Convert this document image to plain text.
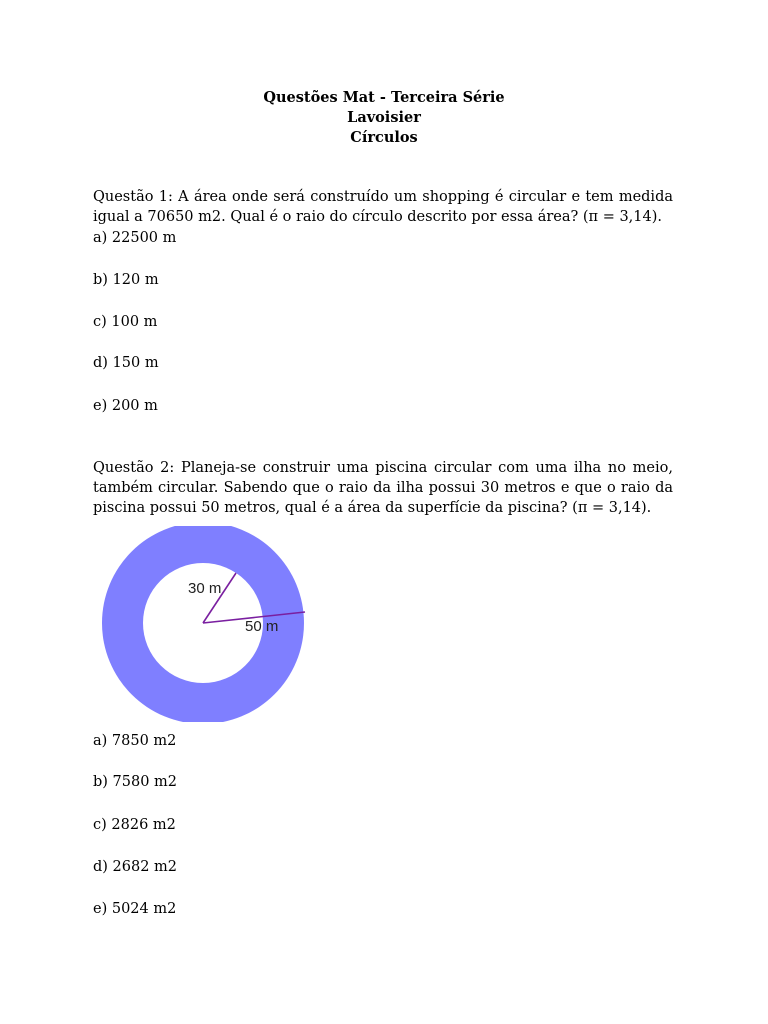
Questões Mat - Terceira Série
Lavoisier
Círculos
Questão 1: A área onde será construído um shopping é circular e tem medida igual a 70650 m2. Qual é o raio do círculo descrito por essa área? (π = 3,14).
a) 22500 m
b) 120 m
c) 100 m
d) 150 m
e) 200 m
Questão 2: Planeja-se construir uma piscina circular com uma ilha no meio, também circular. Sabendo que o raio da ilha possui 30 metros e que o raio da piscina possui 50 metros, qual é a área da superfície da piscina? (π = 3,14).
30 m
50 m
a) 7850 m2
b) 7580 m2
c) 2826 m2
d) 2682 m2
e) 5024 m2
